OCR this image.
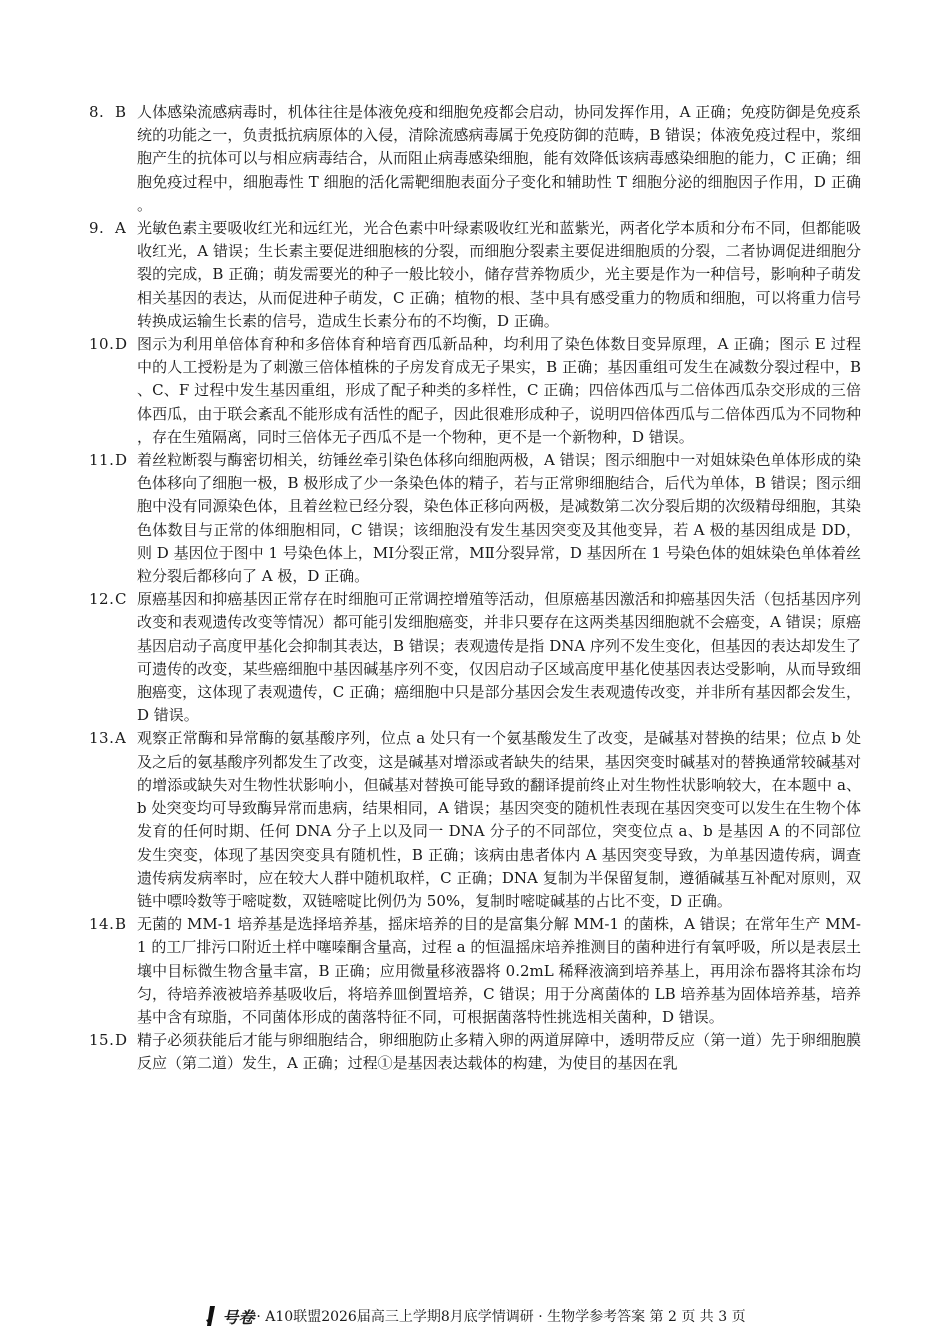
8. B 人体感染流感病毒时，机体往往是体液免疫和细胞免疫都会启动，协同发挥作用，A 正确；免疫防御是免疫系统的功能之一，负责抵抗病原体的入侵，清除流感病毒属于免疫防御的范畴，B 错误；体液免疫过程中，浆细胞产生的抗体可以与相应病毒结合，从而阻止病毒感染细胞，能有效降低该病毒感染细胞的能力，C 正确；细胞免疫过程中，细胞毒性 T 细胞的活化需靶细胞表面分子变化和辅助性 T 细胞分泌的细胞因子作用，D 正确。
9. A 光敏色素主要吸收红光和远红光，光合色素中叶绿素吸收红光和蓝紫光，两者化学本质和分布不同，但都能吸收红光，A 错误；生长素主要促进细胞核的分裂，而细胞分裂素主要促进细胞质的分裂，二者协调促进细胞分裂的完成，B 正确；萌发需要光的种子一般比较小，储存营养物质少，光主要是作为一种信号，影响种子萌发相关基因的表达，从而促进种子萌发，C 正确；植物的根、茎中具有感受重力的物质和细胞，可以将重力信号转换成运输生长素的信号，造成生长素分布的不均衡，D 正确。
10.D 图示为利用单倍体育种和多倍体育种培育西瓜新品种，均利用了染色体数目变异原理，A 正确；图示 E 过程中的人工授粉是为了刺激三倍体植株的子房发育成无子果实，B 正确；基因重组可发生在减数分裂过程中，B、C、F 过程中发生基因重组，形成了配子种类的多样性，C 正确；四倍体西瓜与二倍体西瓜杂交形成的三倍体西瓜，由于联会紊乱不能形成有活性的配子，因此很难形成种子，说明四倍体西瓜与二倍体西瓜为不同物种，存在生殖隔离，同时三倍体无子西瓜不是一个物种，更不是一个新物种，D 错误。
11.D 着丝粒断裂与酶密切相关，纺锤丝牵引染色体移向细胞两极，A 错误；图示细胞中一对姐妹染色单体形成的染色体移向了细胞一极，B 极形成了少一条染色体的精子，若与正常卵细胞结合，后代为单体，B 错误；图示细胞中没有同源染色体，且着丝粒已经分裂，染色体正移向两极，是减数第二次分裂后期的次级精母细胞，其染色体数目与正常的体细胞相同，C 错误；该细胞没有发生基因突变及其他变异，若 A 极的基因组成是 DD，则 D 基因位于图中 1 号染色体上，MⅠ分裂正常，MⅡ分裂异常，D 基因所在 1 号染色体的姐妹染色单体着丝粒分裂后都移向了 A 极，D 正确。
12.C 原癌基因和抑癌基因正常存在时细胞可正常调控增殖等活动，但原癌基因激活和抑癌基因失活（包括基因序列改变和表观遗传改变等情况）都可能引发细胞癌变，并非只要存在这两类基因细胞就不会癌变，A 错误；原癌基因启动子高度甲基化会抑制其表达，B 错误；表观遗传是指 DNA 序列不发生变化，但基因的表达却发生了可遗传的改变，某些癌细胞中基因碱基序列不变，仅因启动子区域高度甲基化使基因表达受影响，从而导致细胞癌变，这体现了表观遗传，C 正确；癌细胞中只是部分基因会发生表观遗传改变，并非所有基因都会发生，D 错误。
13.A 观察正常酶和异常酶的氨基酸序列，位点 a 处只有一个氨基酸发生了改变，是碱基对替换的结果；位点 b 处及之后的氨基酸序列都发生了改变，这是碱基对增添或者缺失的结果，基因突变时碱基对的替换通常较碱基对的增添或缺失对生物性状影响小，但碱基对替换可能导致的翻译提前终止对生物性状影响较大，在本题中 a、b 处突变均可导致酶异常而患病，结果相同，A 错误；基因突变的随机性表现在基因突变可以发生在生物个体发育的任何时期、任何 DNA 分子上以及同一 DNA 分子的不同部位，突变位点 a、b 是基因 A 的不同部位发生突变，体现了基因突变具有随机性，B 正确；该病由患者体内 A 基因突变导致，为单基因遗传病，调查遗传病发病率时，应在较大人群中随机取样，C 正确；DNA 复制为半保留复制，遵循碱基互补配对原则，双链中嘌呤数等于嘧啶数，双链嘧啶比例仍为 50%，复制时嘧啶碱基的占比不变，D 正确。
14.B 无菌的 MM-1 培养基是选择培养基，摇床培养的目的是富集分解 MM-1 的菌株，A 错误；在常年生产 MM-1 的工厂排污口附近土样中噻嗪酮含量高，过程 a 的恒温摇床培养推测目的菌种进行有氧呼吸，所以是表层土壤中目标微生物含量丰富，B 正确；应用微量移液器将 0.2mL 稀释液滴到培养基上，再用涂布器将其涂布均匀，待培养液被培养基吸收后，将培养皿倒置培养，C 错误；用于分离菌体的 LB 培养基为固体培养基，培养基中含有琼脂，不同菌体形成的菌落特征不同，可根据菌落特性挑选相关菌种，D 错误。
15.D 精子必须获能后才能与卵细胞结合，卵细胞防止多精入卵的两道屏障中，透明带反应（第一道）先于卵细胞膜反应（第二道）发生，A 正确；过程①是基因表达载体的构建，为使目的基因在乳
号卷 · A10联盟2026届高三上学期8月底学情调研 · 生物学参考答案 第 2 页 共 3 页
